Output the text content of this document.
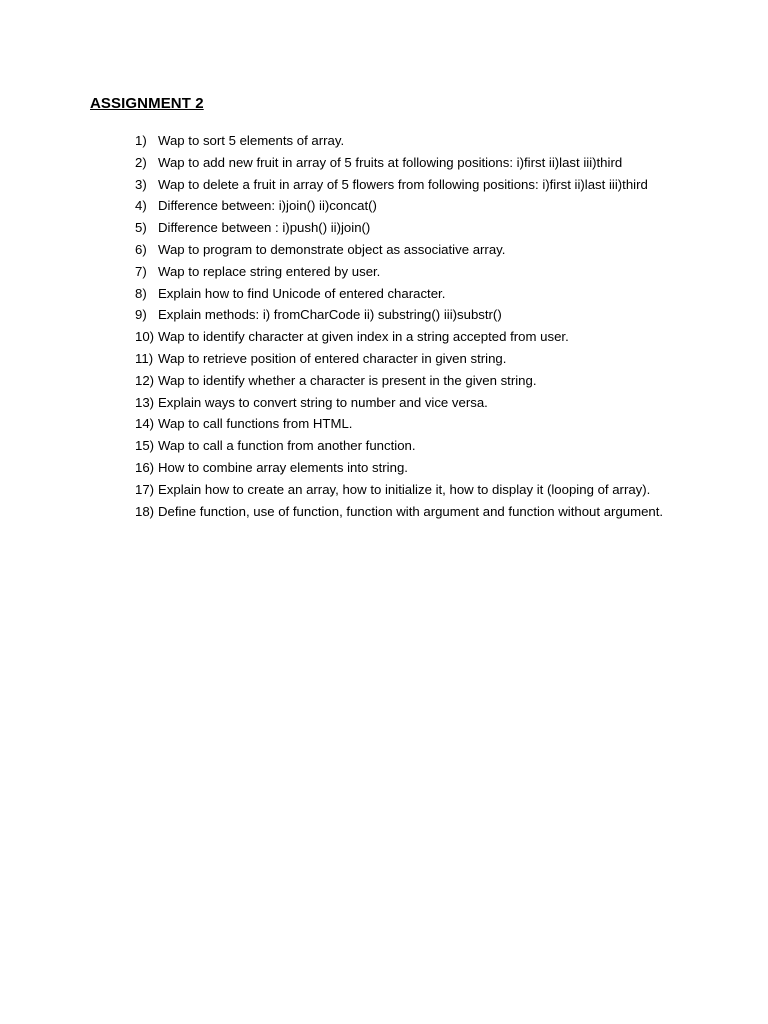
ASSIGNMENT 2
1) Wap to sort 5 elements of array.
2) Wap to add new fruit in array of 5 fruits at following positions: i)first ii)last iii)third
3) Wap to delete a fruit in array of 5 flowers from following positions: i)first ii)last iii)third
4) Difference between: i)join() ii)concat()
5) Difference between : i)push() ii)join()
6) Wap to program to demonstrate object as associative array.
7) Wap to replace string entered by user.
8) Explain how to find Unicode of entered character.
9) Explain methods: i) fromCharCode ii) substring() iii)substr()
10) Wap to identify character at given index in a string accepted from user.
11) Wap to retrieve position of entered character in given string.
12) Wap to identify whether a character is present in the given string.
13) Explain ways to convert string to number and vice versa.
14) Wap to call functions from HTML.
15) Wap to call a function from another function.
16) How to combine array elements into string.
17) Explain how to create an array, how to initialize it, how to display it (looping of array).
18) Define function, use of function, function with argument and function without argument.
